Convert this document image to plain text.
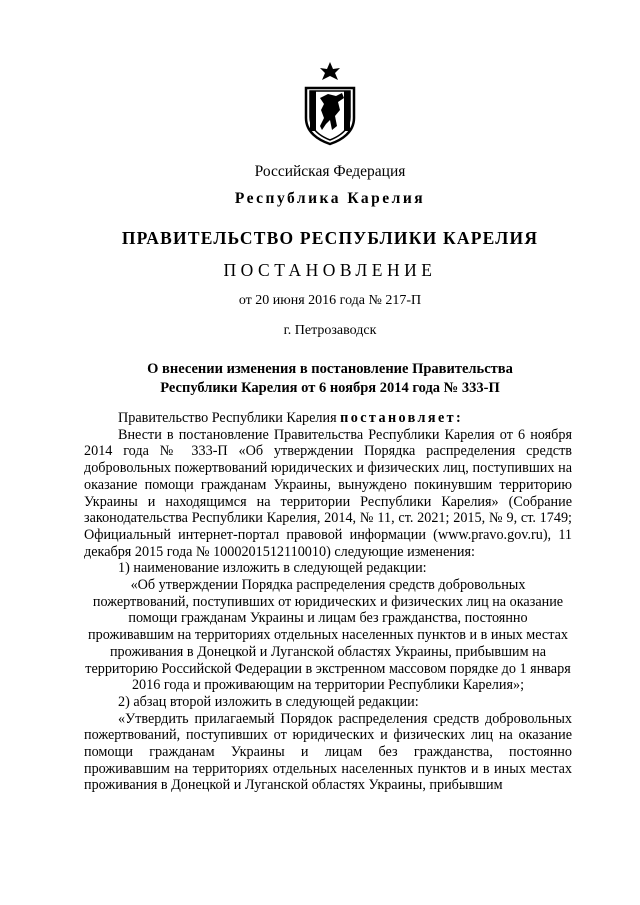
Российская Федерация
Республика Карелия
ПРАВИТЕЛЬСТВО РЕСПУБЛИКИ КАРЕЛИЯ
ПОСТАНОВЛЕНИЕ
от 20 июня 2016 года № 217-П
г. Петрозаводск
О внесении изменения в постановление Правительства
Республики Карелия от 6 ноября 2014 года № 333-П

Правительство Республики Карелия постановляет:

Внести в постановление Правительства Республики Карелия от 6 ноября 2014 года № 333-П «Об утверждении Порядка распределения средств добровольных пожертвований юридических и физических лиц, поступивших на оказание помощи гражданам Украины, вынуждено покинувшим территорию Украины и находящимся на территории Республики Карелия» (Собрание законодательства Республики Карелия, 2014, № 11, ст. 2021; 2015, № 9, ст. 1749; Официальный интернет-портал правовой информации (www.pravo.gov.ru), 11 декабря 2015 года № 1000201512110010) следующие изменения:

1) наименование изложить в следующей редакции:

«Об утверждении Порядка распределения средств добровольных пожертвований, поступивших от юридических и физических лиц на оказание помощи гражданам Украины и лицам без гражданства, постоянно проживавшим на территориях отдельных населенных пунктов и в иных местах проживания в Донецкой и Луганской областях Украины, прибывшим на территорию Российской Федерации в экстренном массовом порядке до 1 января 2016 года и проживающим на территории Республики Карелия»;

2) абзац второй изложить в следующей редакции:

«Утвердить прилагаемый Порядок распределения средств добровольных пожертвований, поступивших от юридических и физических лиц на оказание помощи гражданам Украины и лицам без гражданства, постоянно проживавшим на территориях отдельных населенных пунктов и в иных местах проживания в Донецкой и Луганской областях Украины, прибывшим
